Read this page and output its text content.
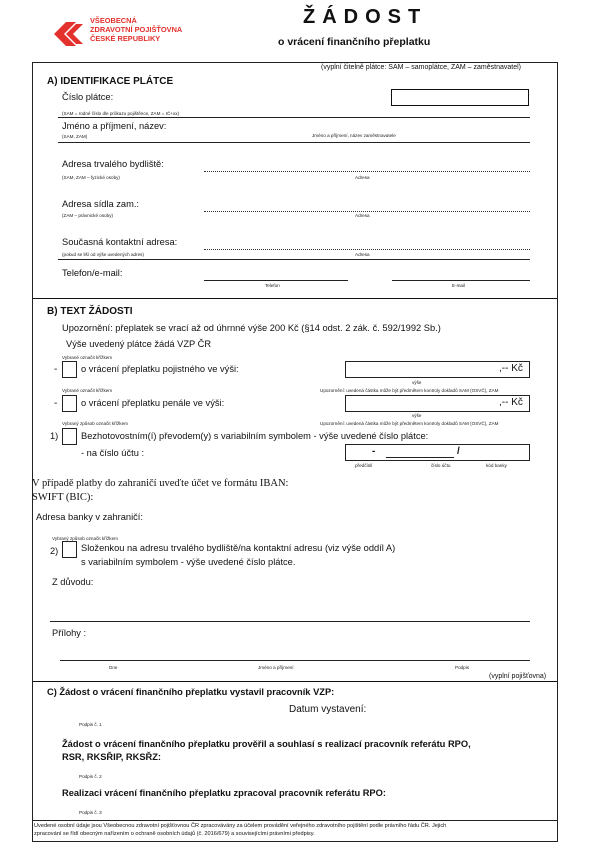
VŠEOBECNÁ
ZDRAVOTNÍ POJIŠŤOVNA
ČESKÉ REPUBLIKY
ŽÁDOST
o vrácení finančního přeplatku
(vyplní čitelně plátce: SAM – samoplátce, ZAM – zaměstnavatel)
A) IDENTIFIKACE PLÁTCE
Číslo plátce:
(SAM = rodné číslo dle průkazu pojištěnce, ZAM = IČ+xx)
Jméno a příjmení, název:
(SAM, ZAM)	Jméno a příjmení, název zaměstnavatele
Adresa trvalého bydliště:
(SAM, ZAM – fyzické osoby)	Adresa
Adresa sídla zam.:
(ZAM – právnické osoby)	Adresa
Současná kontaktní adresa:
(pokud se liší od výše uvedených adres)	Adresa
Telefon/e-mail:
Telefon	E-mail
B) TEXT ŽÁDOSTI
Upozornění: přeplatek se vrací až od úhrnné výše 200 Kč (§14 odst. 2 zák. č. 592/1992 Sb.)
Výše uvedený plátce žádá VZP ČR
Vybrané označit křížkem
-	o vrácení přeplatku pojistného ve výši:	,-- Kč
výše
Vybrané označit křížkem	Upozornění: uvedená částka může být předmětem kontroly dokladů SAM (OSVČ), ZAM
-	o vrácení přeplatku penále ve výši:	,-- Kč
výše
Vybraný způsob označit křížkem	Upozornění: uvedená částka může být předmětem kontroly dokladů SAM (OSVČ), ZAM
1) Bezhotovostním(í) převodem(y) s variabilním symbolem - výše uvedené číslo plátce:
- na číslo účtu :	-	/
předčíslí	číslo účtu	kód banky
V případě platby do zahraničí uveďte účet ve formátu IBAN:
SWIFT (BIC):
Adresa banky v zahraničí:
Vybraný způsob označit křížkem
2) Složenkou na adresu trvalého bydliště/na kontaktní adresu (viz výše oddíl A)
s variabilním symbolem - výše uvedené číslo plátce.
Z důvodu:
Přílohy :
Dne	Jméno a příjmení	Podpis
(vyplní pojišťovna)
C) Žádost o vrácení finančního přeplatku vystavil pracovník VZP:
Datum vystavení:
Podpis č. 1
Žádost o vrácení finančního přeplatku prověřil a souhlasí s realizací pracovník referátu RPO,
RSR, RKSŘIP, RKSŘZ:
Podpis č. 2
Realizaci vrácení finančního přeplatku zpracoval pracovník referátu RPO:
Podpis č. 3
Uvedené osobní údaje jsou Všeobecnou zdravotní pojišťovnou ČR zpracovávány za účelem provádění veřejného zdravotního pojištění podle právního řádu ČR. Jejich
zpracování se řídí obecným nařízením o ochraně osobních údajů (č. 2016/679) a souvisejícími právními předpisy.
